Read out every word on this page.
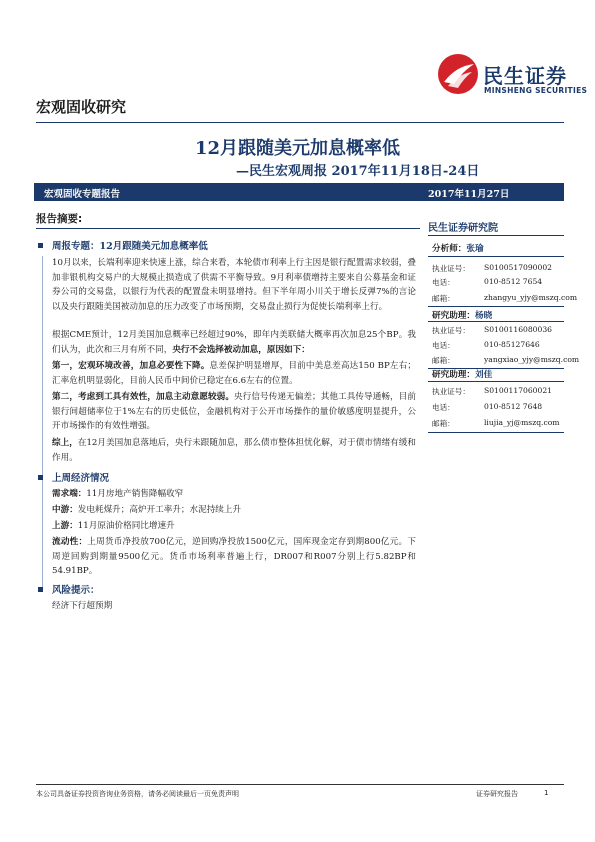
民生证券
MINSHENG SECURITIES
宏观固收研究
12月跟随美元加息概率低
—民生宏观周报 2017年11月18日-24日
宏观固收专题报告	2017年11月27日
报告摘要:
周报专题：12月跟随美元加息概率低
10月以来，长端利率迎来快速上涨，综合来看，本轮债市利率上行主因是银行配置需求较弱，叠加非银机构交易户的大规模止损造成了供需不平衡导致。9月利率债增持主要来自公募基金和证券公司的交易盘，以银行为代表的配置盘未明显增持。但下半年周小川关于增长反弹7%的言论以及央行跟随美国被动加息的压力改变了市场预期，交易盘止损行为促使长端利率上行。
根据CME预计，12月美国加息概率已经超过90%，即年内美联储大概率再次加息25个BP。我们认为，此次和三月有所不同，央行不会选择被动加息，原因如下：
第一，宏观环境改善，加息必要性下降。息差保护明显增厚，目前中美息差高达150 BP左右；汇率危机明显弱化，目前人民币中间价已稳定在6.6左右的位置。
第二，考虑到工具有效性，加息主动意愿较弱。央行信号传递无偏差；其他工具传导通畅，目前银行间超储率位于1%左右的历史低位，金融机构对于公开市场操作的量价敏感度明显提升，公开市场操作的有效性增强。
综上，在12月美国加息落地后，央行未跟随加息，那么债市整体担忧化解，对于债市情绪有缓和作用。
上周经济情况
需求端：11月房地产销售降幅收窄
中游：发电耗煤升；高炉开工率升；水泥持续上升
上游：11月原油价格同比增速升
流动性：上周货币净投放700亿元，逆回购净投放1500亿元，国库现金定存到期800亿元。下周逆回购到期量9500亿元。货币市场利率普遍上行，DR007和R007分别上行5.82BP和54.91BP。
风险提示：
经济下行超预期
民生证券研究院
分析师：张瑜
执业证号： S0100517090002
电话：	010-8512 7654
邮箱：	zhangyu_yjy@mszq.com
研究助理：杨晓
执业证号： S0100116080036
电话：	010-85127646
邮箱：	yangxiao_yjy@mszq.com
研究助理：刘佳
执业证号： S0100117060021
电话：	010-8512 7648
邮箱：	liujia_yj@mszq.com
本公司具备证券投资咨询业务资格，请务必阅读最后一页免责声明	证券研究报告	1
